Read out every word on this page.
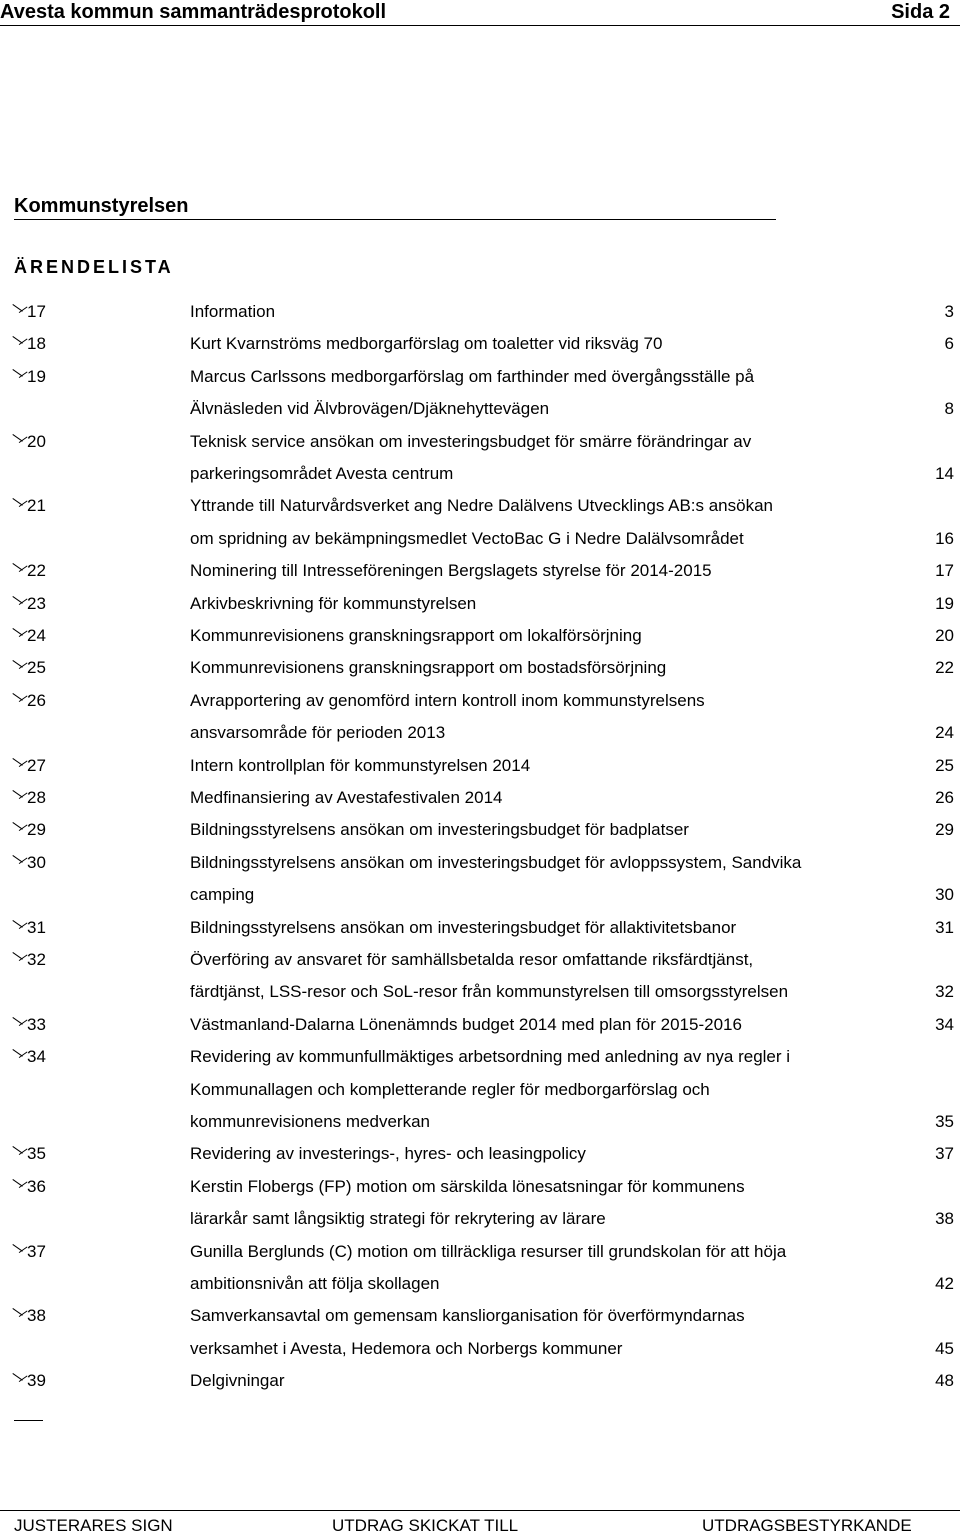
Avesta kommun sammanträdesprotokoll	Sida 2
Kommunstyrelsen
ÄRENDELISTA
17	Information	3
18	Kurt Kvarnströms medborgarförslag om toaletter vid riksväg 70	6
19	Marcus Carlssons medborgarförslag om farthinder med övergångsställe på
Älvnäsleden vid Älvbrovägen/Djäknehyttevägen	8
20	Teknisk service ansökan om investeringsbudget för smärre förändringar av
parkeringsområdet Avesta centrum	14
21	Yttrande till Naturvårdsverket ang Nedre Dalälvens Utvecklings AB:s ansökan
om spridning av bekämpningsmedlet VectoBac G i Nedre Dalälvsområdet	16
22	Nominering till Intresseföreningen Bergslagets styrelse för 2014-2015	17
23	Arkivbeskrivning för kommunstyrelsen	19
24	Kommunrevisionens granskningsrapport om lokalförsörjning	20
25	Kommunrevisionens granskningsrapport om bostadsförsörjning	22
26	Avrapportering av genomförd intern kontroll inom kommunstyrelsens
ansvarsområde för perioden 2013	24
27	Intern kontrollplan för kommunstyrelsen 2014	25
28	Medfinansiering av Avestafestivalen 2014	26
29	Bildningsstyrelsens ansökan om investeringsbudget för badplatser	29
30	Bildningsstyrelsens ansökan om investeringsbudget för avloppssystem, Sandvika
camping	30
31	Bildningsstyrelsens ansökan om investeringsbudget för allaktivitetsbanor	31
32	Överföring av ansvaret för samhällsbetalda resor omfattande riksfärdtjänst,
färdtjänst, LSS-resor och SoL-resor från kommunstyrelsen till omsorgsstyrelsen	32
33	Västmanland-Dalarna Lönenämnds budget 2014 med plan för 2015-2016	34
34	Revidering av kommunfullmäktiges arbetsordning med anledning av nya regler i
Kommunallagen och kompletterande regler för medborgarförslag och
kommunrevisionens medverkan	35
35	Revidering av investerings-, hyres- och leasingpolicy	37
36	Kerstin Flobergs (FP) motion om särskilda lönesatsningar för kommunens
lärarkår samt långsiktig strategi för rekrytering av lärare	38
37	Gunilla Berglunds (C) motion om tillräckliga resurser till grundskolan för att höja
ambitionsnivån att följa skollagen	42
38	Samverkansavtal om gemensam kansliorganisation för överförmyndarnas
verksamhet i Avesta, Hedemora och Norbergs kommuner	45
39	Delgivningar	48
JUSTERARES SIGN	UTDRAG SKICKAT TILL	UTDRAGSBESTYRKANDE
